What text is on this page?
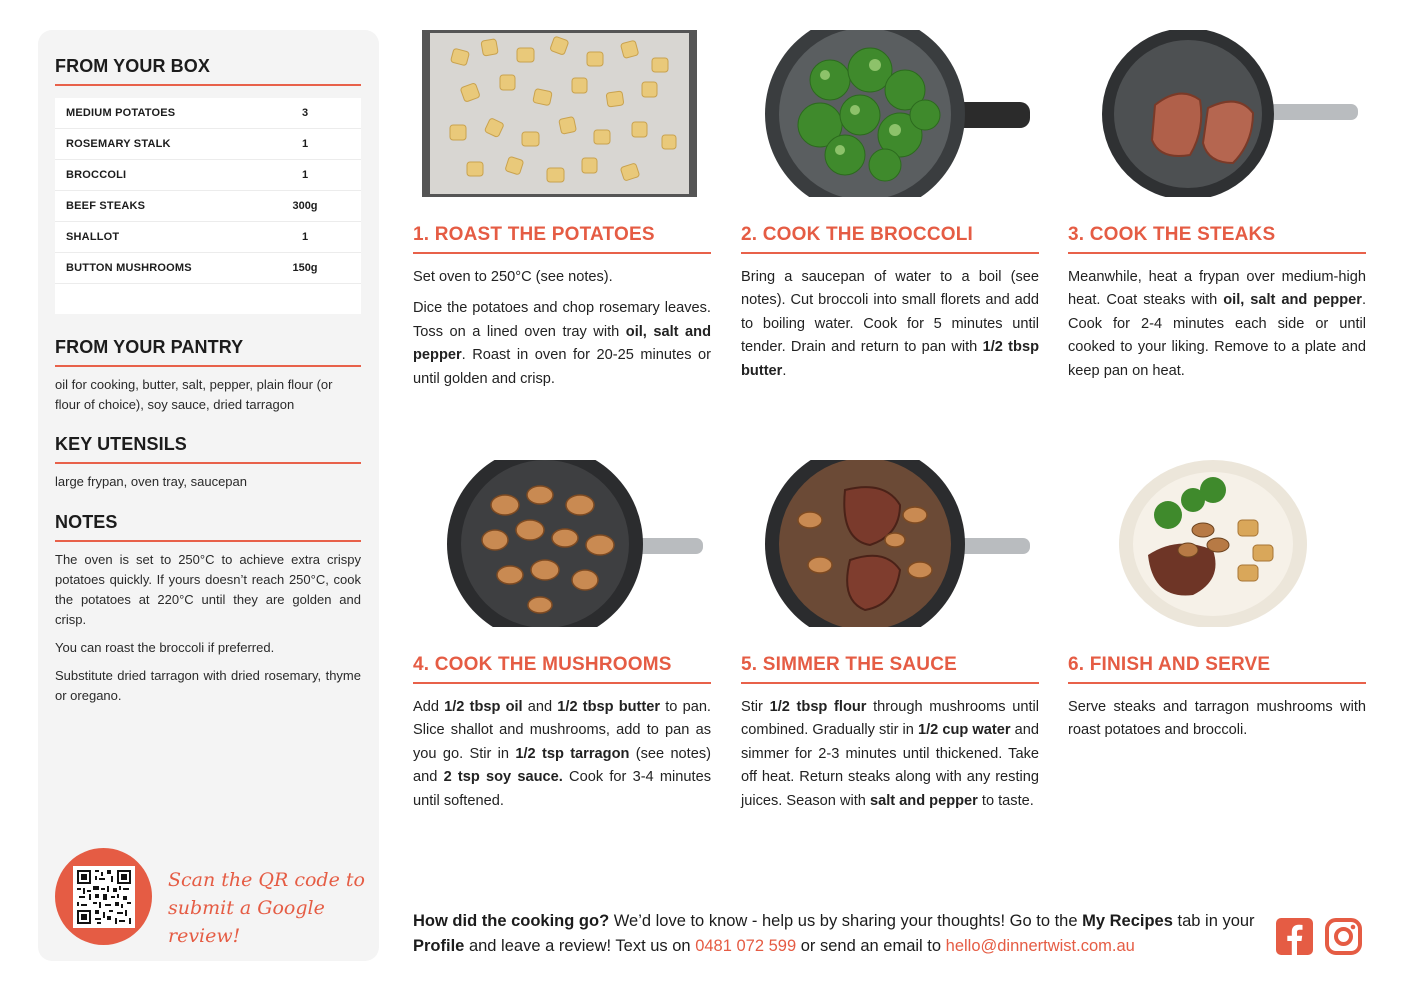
FROM YOUR BOX
MEDIUM POTATOES	3
ROSEMARY STALK	1
BROCCOLI	1
BEEF STEAKS	300g
SHALLOT	1
BUTTON MUSHROOMS	150g
FROM YOUR PANTRY
oil for cooking, butter, salt, pepper, plain flour (or flour of choice), soy sauce, dried tarragon
KEY UTENSILS
large frypan, oven tray, saucepan
NOTES

The oven is set to 250°C to achieve extra crispy potatoes quickly. If yours doesn’t reach 250°C, cook the potatoes at 220°C until they are golden and crisp.

You can roast the broccoli if preferred.

Substitute dried tarragon with dried rosemary, thyme or oregano.

Scan the QR code to submit a Google review!
1. ROAST THE POTATOES

Set oven to 250°C (see notes).

Dice the potatoes and chop rosemary leaves. Toss on a lined oven tray with oil, salt and pepper. Roast in oven for 20-25 minutes or until golden and crisp.

2. COOK THE BROCCOLI

Bring a saucepan of water to a boil (see notes). Cut broccoli into small florets and add to boiling water. Cook for 5 minutes until tender. Drain and return to pan with 1/2 tbsp butter.

3. COOK THE STEAKS

Meanwhile, heat a frypan over medium-high heat. Coat steaks with oil, salt and pepper. Cook for 2-4 minutes each side or until cooked to your liking. Remove to a plate and keep pan on heat.

4. COOK THE MUSHROOMS

Add 1/2 tbsp oil and 1/2 tbsp butter to pan. Slice shallot and mushrooms, add to pan as you go. Stir in 1/2 tsp tarragon (see notes) and 2 tsp soy sauce. Cook for 3-4 minutes until softened.

5. SIMMER THE SAUCE

Stir 1/2 tbsp flour through mushrooms until combined. Gradually stir in 1/2 cup water and simmer for 2-3 minutes until thickened. Take off heat. Return steaks along with any resting juices. Season with salt and pepper to taste.

6. FINISH AND SERVE

Serve steaks and tarragon mushrooms with roast potatoes and broccoli.

How did the cooking go? We’d love to know - help us by sharing your thoughts! Go to the My Recipes tab in your Profile and leave a review! Text us on 0481 072 599 or send an email to hello@dinnertwist.com.au
